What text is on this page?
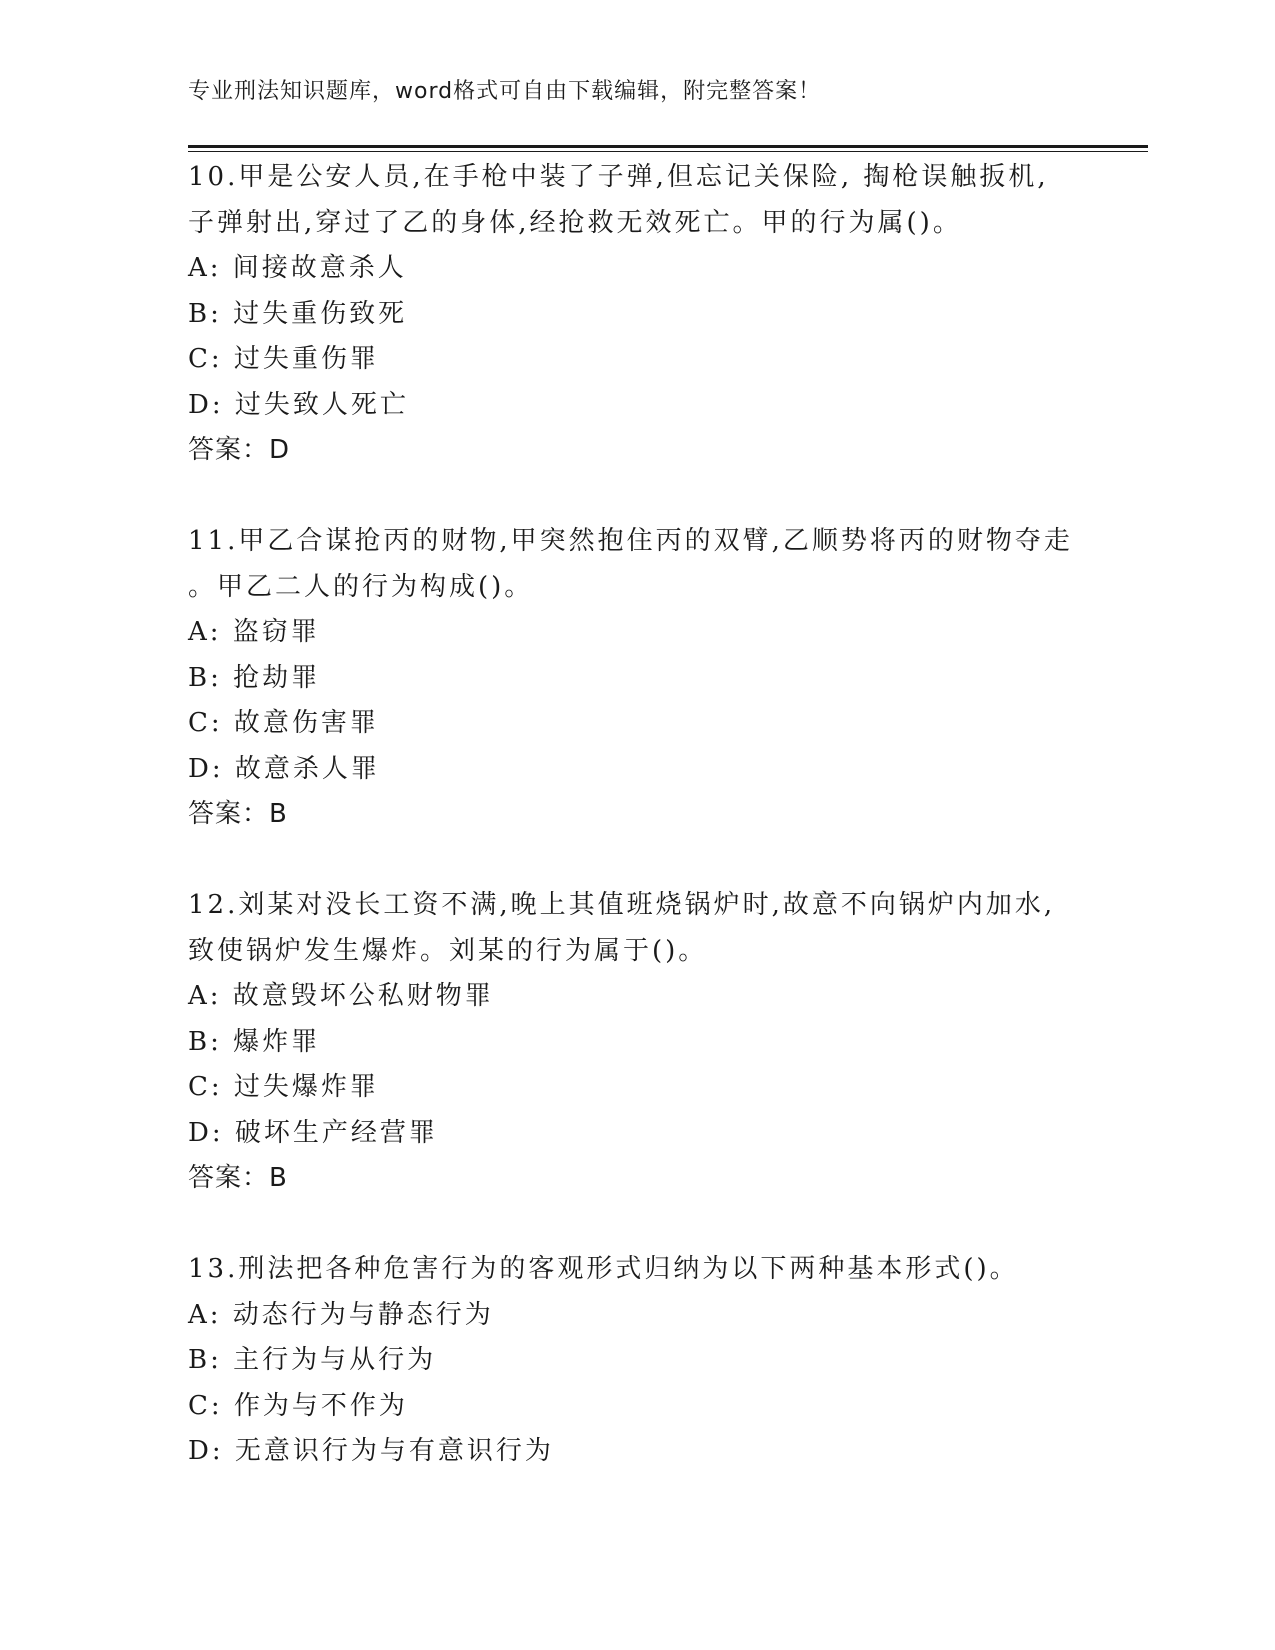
专业刑法知识题库，word格式可自由下载编辑，附完整答案！
10.甲是公安人员,在手枪中装了子弹,但忘记关保险, 掏枪误触扳机,
子弹射出,穿过了乙的身体,经抢救无效死亡。甲的行为属()。
A: 间接故意杀人
B: 过失重伤致死
C: 过失重伤罪
D: 过失致人死亡
答案：D
11.甲乙合谋抢丙的财物,甲突然抱住丙的双臂,乙顺势将丙的财物夺走
。甲乙二人的行为构成()。
A: 盗窃罪
B: 抢劫罪
C: 故意伤害罪
D: 故意杀人罪
答案：B
12.刘某对没长工资不满,晚上其值班烧锅炉时,故意不向锅炉内加水,
致使锅炉发生爆炸。刘某的行为属于()。
A: 故意毁坏公私财物罪
B: 爆炸罪
C: 过失爆炸罪
D: 破坏生产经营罪
答案：B
13.刑法把各种危害行为的客观形式归纳为以下两种基本形式()。
A: 动态行为与静态行为
B: 主行为与从行为
C: 作为与不作为
D: 无意识行为与有意识行为
